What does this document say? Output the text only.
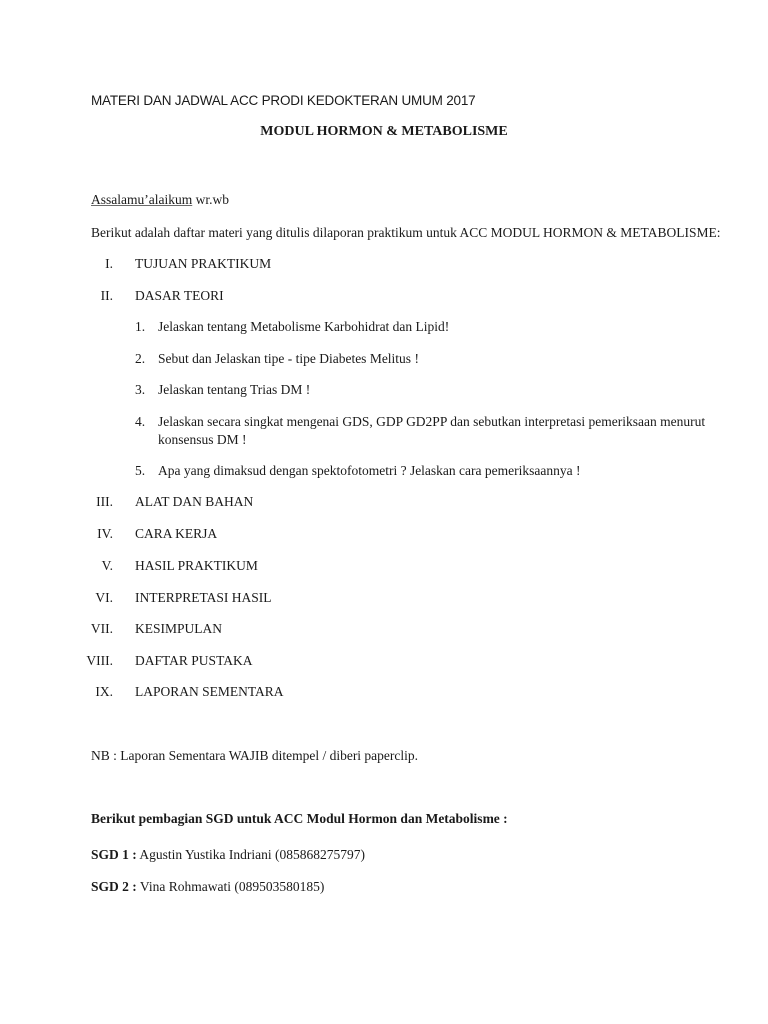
MATERI DAN JADWAL ACC PRODI KEDOKTERAN UMUM 2017
MODUL HORMON & METABOLISME
Assalamu’alaikum wr.wb
Berikut adalah daftar materi yang ditulis dilaporan praktikum untuk ACC MODUL HORMON & METABOLISME:
I. TUJUAN PRAKTIKUM
II. DASAR TEORI
1. Jelaskan tentang Metabolisme Karbohidrat dan Lipid!
2. Sebut dan Jelaskan tipe - tipe Diabetes Melitus !
3. Jelaskan tentang Trias DM !
4. Jelaskan secara singkat mengenai GDS, GDP GD2PP dan sebutkan interpretasi pemeriksaan menurut
konsensus DM !
5. Apa yang dimaksud dengan spektofotometri ? Jelaskan cara pemeriksaannya !
III. ALAT DAN BAHAN
IV. CARA KERJA
V. HASIL PRAKTIKUM
VI. INTERPRETASI HASIL
VII. KESIMPULAN
VIII. DAFTAR PUSTAKA
IX. LAPORAN SEMENTARA
NB : Laporan Sementara WAJIB ditempel / diberi paperclip.
Berikut pembagian SGD untuk ACC Modul Hormon dan Metabolisme :
SGD 1 : Agustin Yustika Indriani (085868275797)
SGD 2 : Vina Rohmawati (089503580185)
